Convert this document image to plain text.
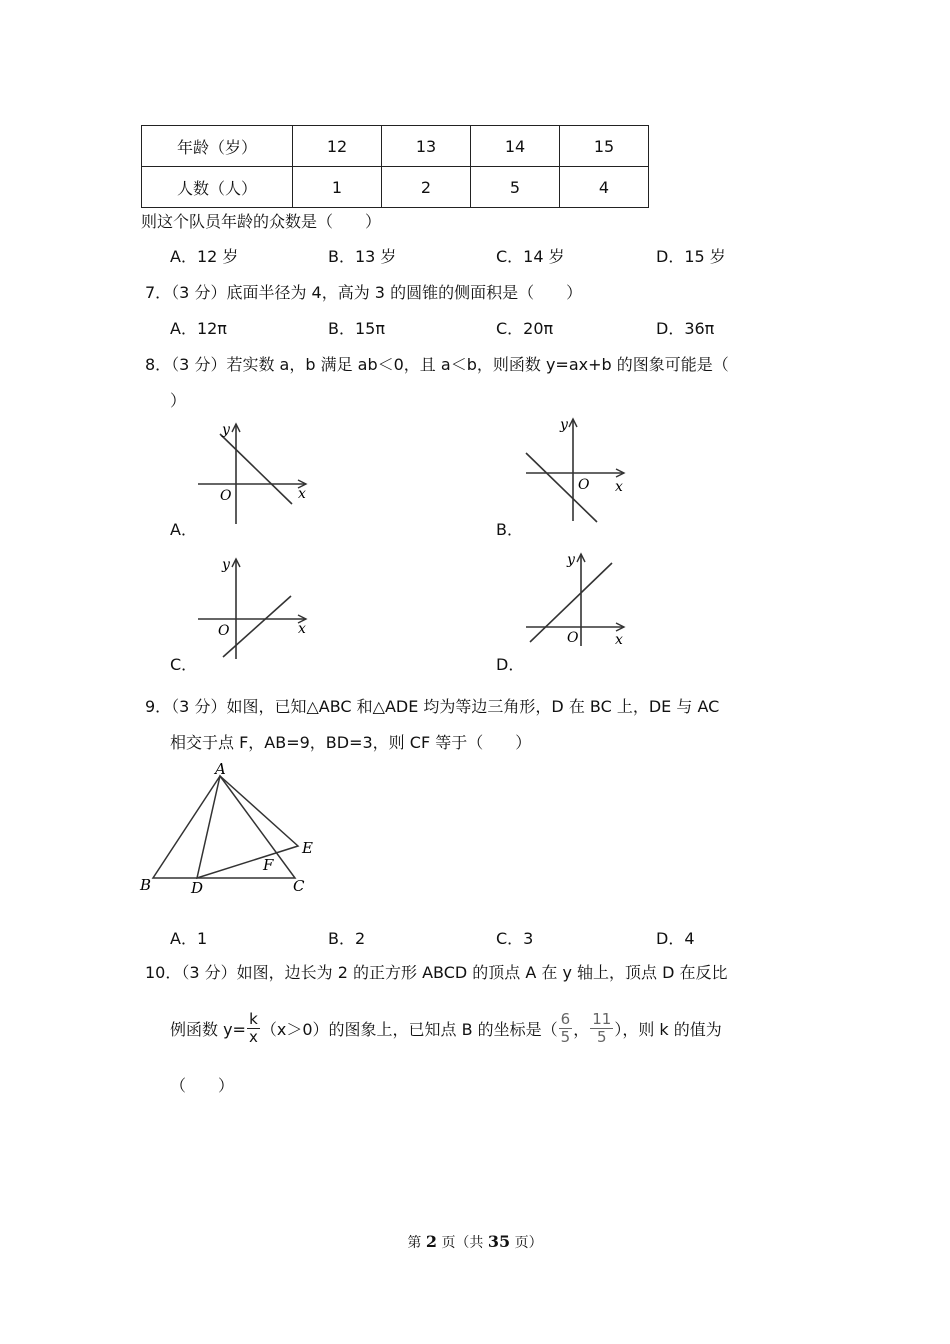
年龄（岁）	12	13	14	15
人数（人）	1	2	5	4
则这个队员年龄的众数是（　　）
A．12 岁	B．13 岁	C．14 岁	D．15 岁
7．（3 分）底面半径为 4，高为 3 的圆锥的侧面积是（　　）
A．12π	B．15π	C．20π	D．36π
8．（3 分）若实数 a，b 满足 ab＜0，且 a＜b，则函数 y=ax+b 的图象可能是（
）
y
x
O
A．
y
x
O
B．
y
x
O
C．
y
x
O
D．
9．（3 分）如图，已知△ABC 和△ADE 均为等边三角形，D 在 BC 上，DE 与 AC
相交于点 F，AB=9，BD=3，则 CF 等于（　　）
A
B	C
D
E
F
A．1	B．2	C．3	D．4
10．（3 分）如图，边长为 2 的正方形 ABCD 的顶点 A 在 y 轴上，顶点 D 在反比
例函数 $y= \frac{k}{x} (x>0)$的图象上，已知点 B 的坐标是（ $\frac{6}{5}$ ， $\frac{11}{5}$ ），则 k 的值为
（　　）
第 2 页（共 35 页）
